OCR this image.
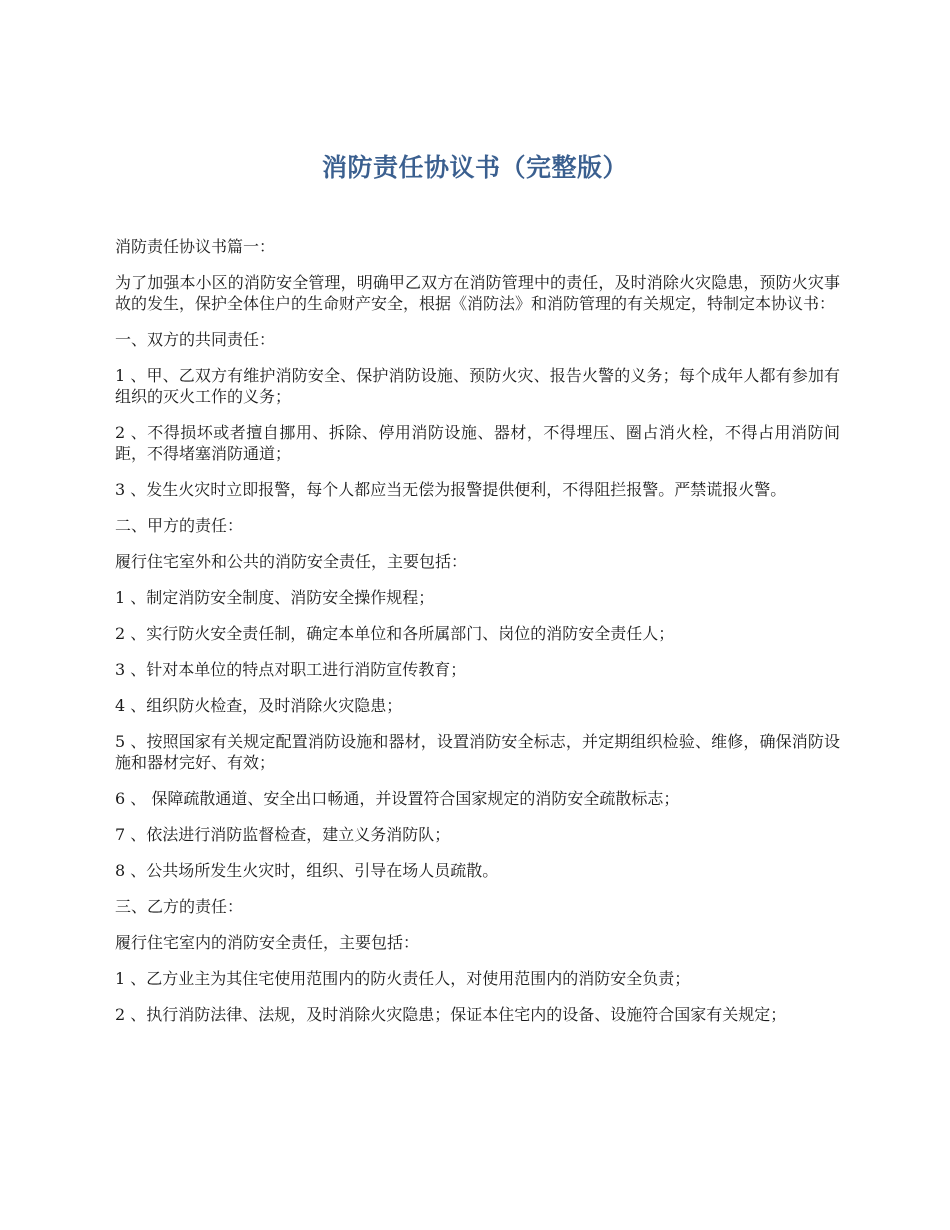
消防责任协议书（完整版）

消防责任协议书篇一：

为了加强本小区的消防安全管理，明确甲乙双方在消防管理中的责任，及时消除火灾隐患，预防火灾事故的发生，保护全体住户的生命财产安全，根据《消防法》和消防管理的有关规定，特制定本协议书：

一、双方的共同责任：

1 、甲、乙双方有维护消防安全、保护消防设施、预防火灾、报告火警的义务；每个成年人都有参加有组织的灭火工作的义务；

2 、不得损坏或者擅自挪用、拆除、停用消防设施、器材，不得埋压、圈占消火栓，不得占用消防间距，不得堵塞消防通道；

3 、发生火灾时立即报警，每个人都应当无偿为报警提供便利，不得阻拦报警。严禁谎报火警。

二、甲方的责任：

履行住宅室外和公共的消防安全责任，主要包括：

1 、制定消防安全制度、消防安全操作规程；

2 、实行防火安全责任制，确定本单位和各所属部门、岗位的消防安全责任人；

3 、针对本单位的特点对职工进行消防宣传教育；

4 、组织防火检查，及时消除火灾隐患；

5 、按照国家有关规定配置消防设施和器材，设置消防安全标志，并定期组织检验、维修，确保消防设施和器材完好、有效；

6 、 保障疏散通道、安全出口畅通，并设置符合国家规定的消防安全疏散标志；

7 、依法进行消防监督检查，建立义务消防队；

8 、公共场所发生火灾时，组织、引导在场人员疏散。

三、乙方的责任：

履行住宅室内的消防安全责任，主要包括：

1 、乙方业主为其住宅使用范围内的防火责任人，对使用范围内的消防安全负责；

2 、执行消防法律、法规，及时消除火灾隐患；保证本住宅内的设备、设施符合国家有关规定；
